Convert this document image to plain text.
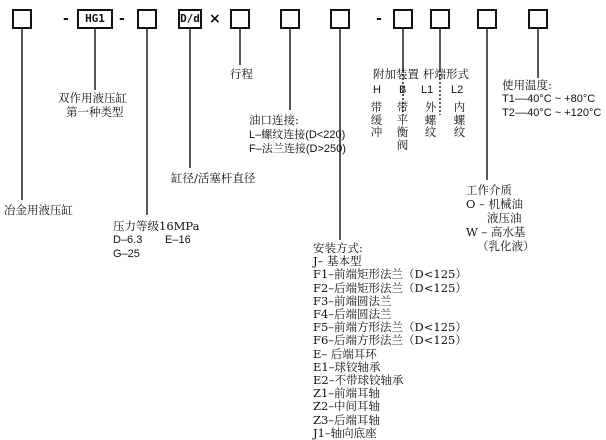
-	HG1	-	D/d ×	-
冶金用液压缸
双作用液压缸
第一种类型
压力等级16MPa
D–6.3 E–16
G–25
缸径/活塞杆直径
行程
油口连接:
L–螺纹连接(D<220)
F–法兰连接(D>250)
安装方式:
J– 基本型
F1–前端矩形法兰（D<125）
F2–后端矩形法兰（D<125）
F3–前端圆法兰
F4–后端圆法兰
F5–前端方形法兰（D<125）
F6–后端方形法兰（D<125）
E– 后端耳环
E1–球铰轴承
E2–不带球铰轴承
Z1–前端耳轴
Z2–中间耳轴
Z3–后端耳轴
J1–轴向底座
附加装置 杆端形式
H
带缓冲
B
带平衡阀
L1
外螺纹
L2
内螺纹
使用温度:
T1––40°C ~ +80°C
T2––40°C ~ +120°C
工作介质
O – 机械油
液压油
W – 高水基
（乳化液）
